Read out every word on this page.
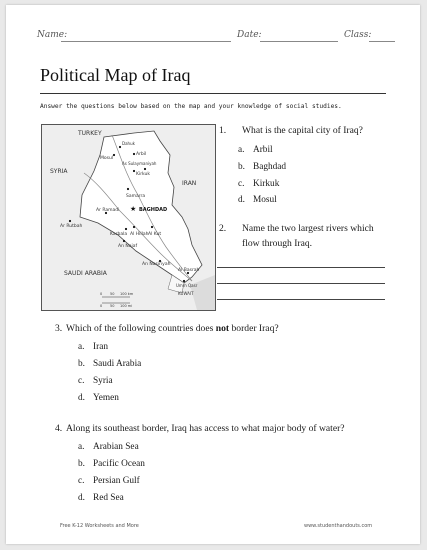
Name:	Date:	Class:
Political Map of Iraq
Answer the questions below based on the map and your knowledge of social studies.
★
TURKEY
SYRIA
IRAN
SAUDI ARABIA
KUWAIT
BAGHDAD
Dahuk
Mosul
Arbil
As Sulaymaniyah
Kirkuk
Samarra
Ar Ramadi
Karbala Al Hillah Al Kut
An Najaf
Ar Rutbah
An Nasiriyah
Al Basrah
Umm Qasr
0 50 100 km
0 50 100 mi
1. What is the capital city of Iraq?
a. Arbil
b. Baghdad
c. Kirkuk
d. Mosul
2. Name the two largest rivers which
flow through Iraq.
3. Which of the following countries does not border Iraq?
a. Iran
b. Saudi Arabia
c. Syria
d. Yemen
4. Along its southeast border, Iraq has access to what major body of water?
a. Arabian Sea
b. Pacific Ocean
c. Persian Gulf
d. Red Sea
Free K-12 Worksheets and More	www.studenthandouts.com
